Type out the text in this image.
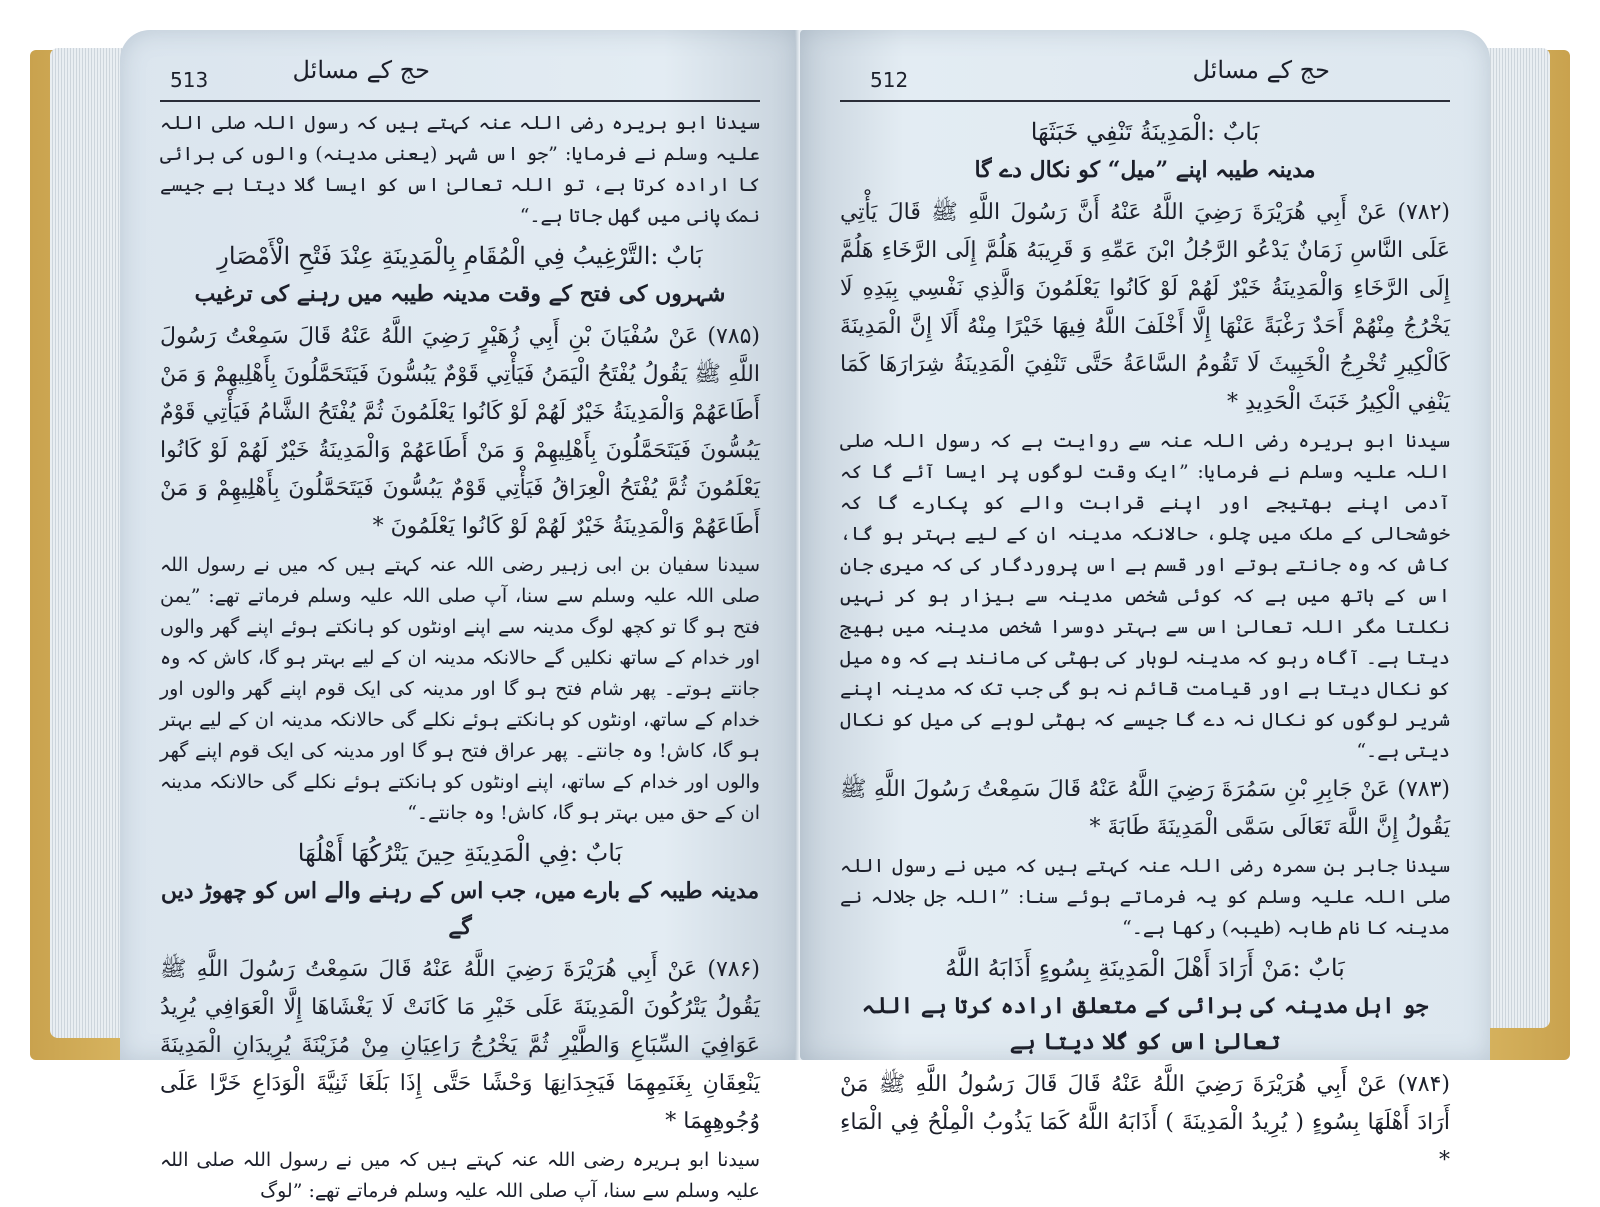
حج کے مسائل
513

سیدنا ابو ہریرہ رضی اللہ عنہ کہتے ہیں کہ رسول اللہ صلی اللہ علیہ وسلم نے فرمایا: ”جو اس شہر (یعنی مدینہ) والوں کی برائی کا ارادہ کرتا ہے، تو اللہ تعالیٰ اس کو ایسا گلا دیتا ہے جیسے نمک پانی میں گھل جاتا ہے۔“

بَابٌ :التَّرْغِيبُ فِي الْمُقَامِ بِالْمَدِينَةِ عِنْدَ فَتْحِ الْأَمْصَارِ

شہروں کی فتح کے وقت مدینہ طیبہ میں رہنے کی ترغیب

(۷۸۵) عَنْ سُفْيَانَ بْنِ أَبِي زُهَيْرٍ رَضِيَ اللَّهُ عَنْهُ قَالَ سَمِعْتُ رَسُولَ اللَّهِ ﷺ يَقُولُ يُفْتَحُ الْيَمَنُ فَيَأْتِي قَوْمٌ يَبُسُّونَ فَيَتَحَمَّلُونَ بِأَهْلِيهِمْ وَ مَنْ أَطَاعَهُمْ وَالْمَدِينَةُ خَيْرٌ لَهُمْ لَوْ كَانُوا يَعْلَمُونَ ثُمَّ يُفْتَحُ الشَّامُ فَيَأْتِي قَوْمٌ يَبُسُّونَ فَيَتَحَمَّلُونَ بِأَهْلِيهِمْ وَ مَنْ أَطَاعَهُمْ وَالْمَدِينَةُ خَيْرٌ لَهُمْ لَوْ كَانُوا يَعْلَمُونَ ثُمَّ يُفْتَحُ الْعِرَاقُ فَيَأْتِي قَوْمٌ يَبُسُّونَ فَيَتَحَمَّلُونَ بِأَهْلِيهِمْ وَ مَنْ أَطَاعَهُمْ وَالْمَدِينَةُ خَيْرٌ لَهُمْ لَوْ كَانُوا يَعْلَمُونَ *

سیدنا سفیان بن ابی زہیر رضی اللہ عنہ کہتے ہیں کہ میں نے رسول اللہ صلی اللہ علیہ وسلم سے سنا، آپ صلی اللہ علیہ وسلم فرماتے تھے: ”یمن فتح ہو گا تو کچھ لوگ مدینہ سے اپنے اونٹوں کو ہانکتے ہوئے اپنے گھر والوں اور خدام کے ساتھ نکلیں گے حالانکہ مدینہ ان کے لیے بہتر ہو گا، کاش کہ وہ جانتے ہوتے۔ پھر شام فتح ہو گا اور مدینہ کی ایک قوم اپنے گھر والوں اور خدام کے ساتھ، اونٹوں کو ہانکتے ہوئے نکلے گی حالانکہ مدینہ ان کے لیے بہتر ہو گا، کاش! وہ جانتے۔ پھر عراق فتح ہو گا اور مدینہ کی ایک قوم اپنے گھر والوں اور خدام کے ساتھ، اپنے اونٹوں کو ہانکتے ہوئے نکلے گی حالانکہ مدینہ ان کے حق میں بہتر ہو گا، کاش! وہ جانتے۔“

بَابٌ :فِي الْمَدِينَةِ حِينَ يَتْرُكُهَا أَهْلُهَا

مدینہ طیبہ کے بارے میں، جب اس کے رہنے والے اس کو چھوڑ دیں گے

(۷۸۶) عَنْ أَبِي هُرَيْرَةَ رَضِيَ اللَّهُ عَنْهُ قَالَ سَمِعْتُ رَسُولَ اللَّهِ ﷺ يَقُولُ يَتْرُكُونَ الْمَدِينَةَ عَلَى خَيْرِ مَا كَانَتْ لَا يَغْشَاهَا إِلَّا الْعَوَافِي يُرِيدُ عَوَافِيَ السِّبَاعِ وَالطَّيْرِ ثُمَّ يَخْرُجُ رَاعِيَانِ مِنْ مُزَيْنَةَ يُرِيدَانِ الْمَدِينَةَ يَنْعِقَانِ بِغَنَمِهِمَا فَيَجِدَانِهَا وَحْشًا حَتَّى إِذَا بَلَغَا ثَنِيَّةَ الْوَدَاعِ خَرَّا عَلَى وُجُوهِهِمَا *

سیدنا ابو ہریرہ رضی اللہ عنہ کہتے ہیں کہ میں نے رسول اللہ صلی اللہ علیہ وسلم سے سنا، آپ صلی اللہ علیہ وسلم فرماتے تھے: ”لوگ

حج کے مسائل
512

بَابٌ :الْمَدِينَةُ تَنْفِي خَبَثَهَا

مدینہ طیبہ اپنے ”میل“ کو نکال دے گا

(۷۸۲) عَنْ أَبِي هُرَيْرَةَ رَضِيَ اللَّهُ عَنْهُ أَنَّ رَسُولَ اللَّهِ ﷺ قَالَ يَأْتِي عَلَى النَّاسِ زَمَانٌ يَدْعُو الرَّجُلُ ابْنَ عَمِّهِ وَ قَرِيبَهُ هَلُمَّ إِلَى الرَّخَاءِ هَلُمَّ إِلَى الرَّخَاءِ وَالْمَدِينَةُ خَيْرٌ لَهُمْ لَوْ كَانُوا يَعْلَمُونَ وَالَّذِي نَفْسِي بِيَدِهِ لَا يَخْرُجُ مِنْهُمْ أَحَدٌ رَغْبَةً عَنْهَا إِلَّا أَخْلَفَ اللَّهُ فِيهَا خَيْرًا مِنْهُ أَلَا إِنَّ الْمَدِينَةَ كَالْكِيرِ تُخْرِجُ الْخَبِيثَ لَا تَقُومُ السَّاعَةُ حَتَّى تَنْفِيَ الْمَدِينَةُ شِرَارَهَا كَمَا يَنْفِي الْكِيرُ خَبَثَ الْحَدِيدِ *

سیدنا ابو ہریرہ رضی اللہ عنہ سے روایت ہے کہ رسول اللہ صلی اللہ علیہ وسلم نے فرمایا: ”ایک وقت لوگوں پر ایسا آئے گا کہ آدمی اپنے بھتیجے اور اپنے قرابت والے کو پکارے گا کہ خوشحالی کے ملک میں چلو، حالانکہ مدینہ ان کے لیے بہتر ہو گا، کاش کہ وہ جانتے ہوتے اور قسم ہے اس پروردگار کی کہ میری جان اس کے ہاتھ میں ہے کہ کوئی شخص مدینہ سے بیزار ہو کر نہیں نکلتا مگر اللہ تعالیٰ اس سے بہتر دوسرا شخص مدینہ میں بھیج دیتا ہے۔ آگاہ رہو کہ مدینہ لوہار کی بھٹی کی مانند ہے کہ وہ میل کو نکال دیتا ہے اور قیامت قائم نہ ہو گی جب تک کہ مدینہ اپنے شریر لوگوں کو نکال نہ دے گا جیسے کہ بھٹی لوہے کی میل کو نکال دیتی ہے۔“

(۷۸۳) عَنْ جَابِرِ بْنِ سَمُرَةَ رَضِيَ اللَّهُ عَنْهُ قَالَ سَمِعْتُ رَسُولَ اللَّهِ ﷺ يَقُولُ إِنَّ اللَّهَ تَعَالَى سَمَّى الْمَدِينَةَ طَابَةَ *

سیدنا جابر بن سمرہ رضی اللہ عنہ کہتے ہیں کہ میں نے رسول اللہ صلی اللہ علیہ وسلم کو یہ فرماتے ہوئے سنا: ”اللہ جل جلالہ نے مدینہ کا نام طابہ (طیبہ) رکھا ہے۔“

بَابٌ :مَنْ أَرَادَ أَهْلَ الْمَدِينَةِ بِسُوءٍ أَذَابَهُ اللَّهُ

جو اہل مدینہ کی برائی کے متعلق ارادہ کرتا ہے اللہ تعالیٰ اس کو گلا دیتا ہے

(۷۸۴) عَنْ أَبِي هُرَيْرَةَ رَضِيَ اللَّهُ عَنْهُ قَالَ قَالَ رَسُولُ اللَّهِ ﷺ مَنْ أَرَادَ أَهْلَهَا بِسُوءٍ ( يُرِيدُ الْمَدِينَةَ ) أَذَابَهُ اللَّهُ كَمَا يَذُوبُ الْمِلْحُ فِي الْمَاءِ *
